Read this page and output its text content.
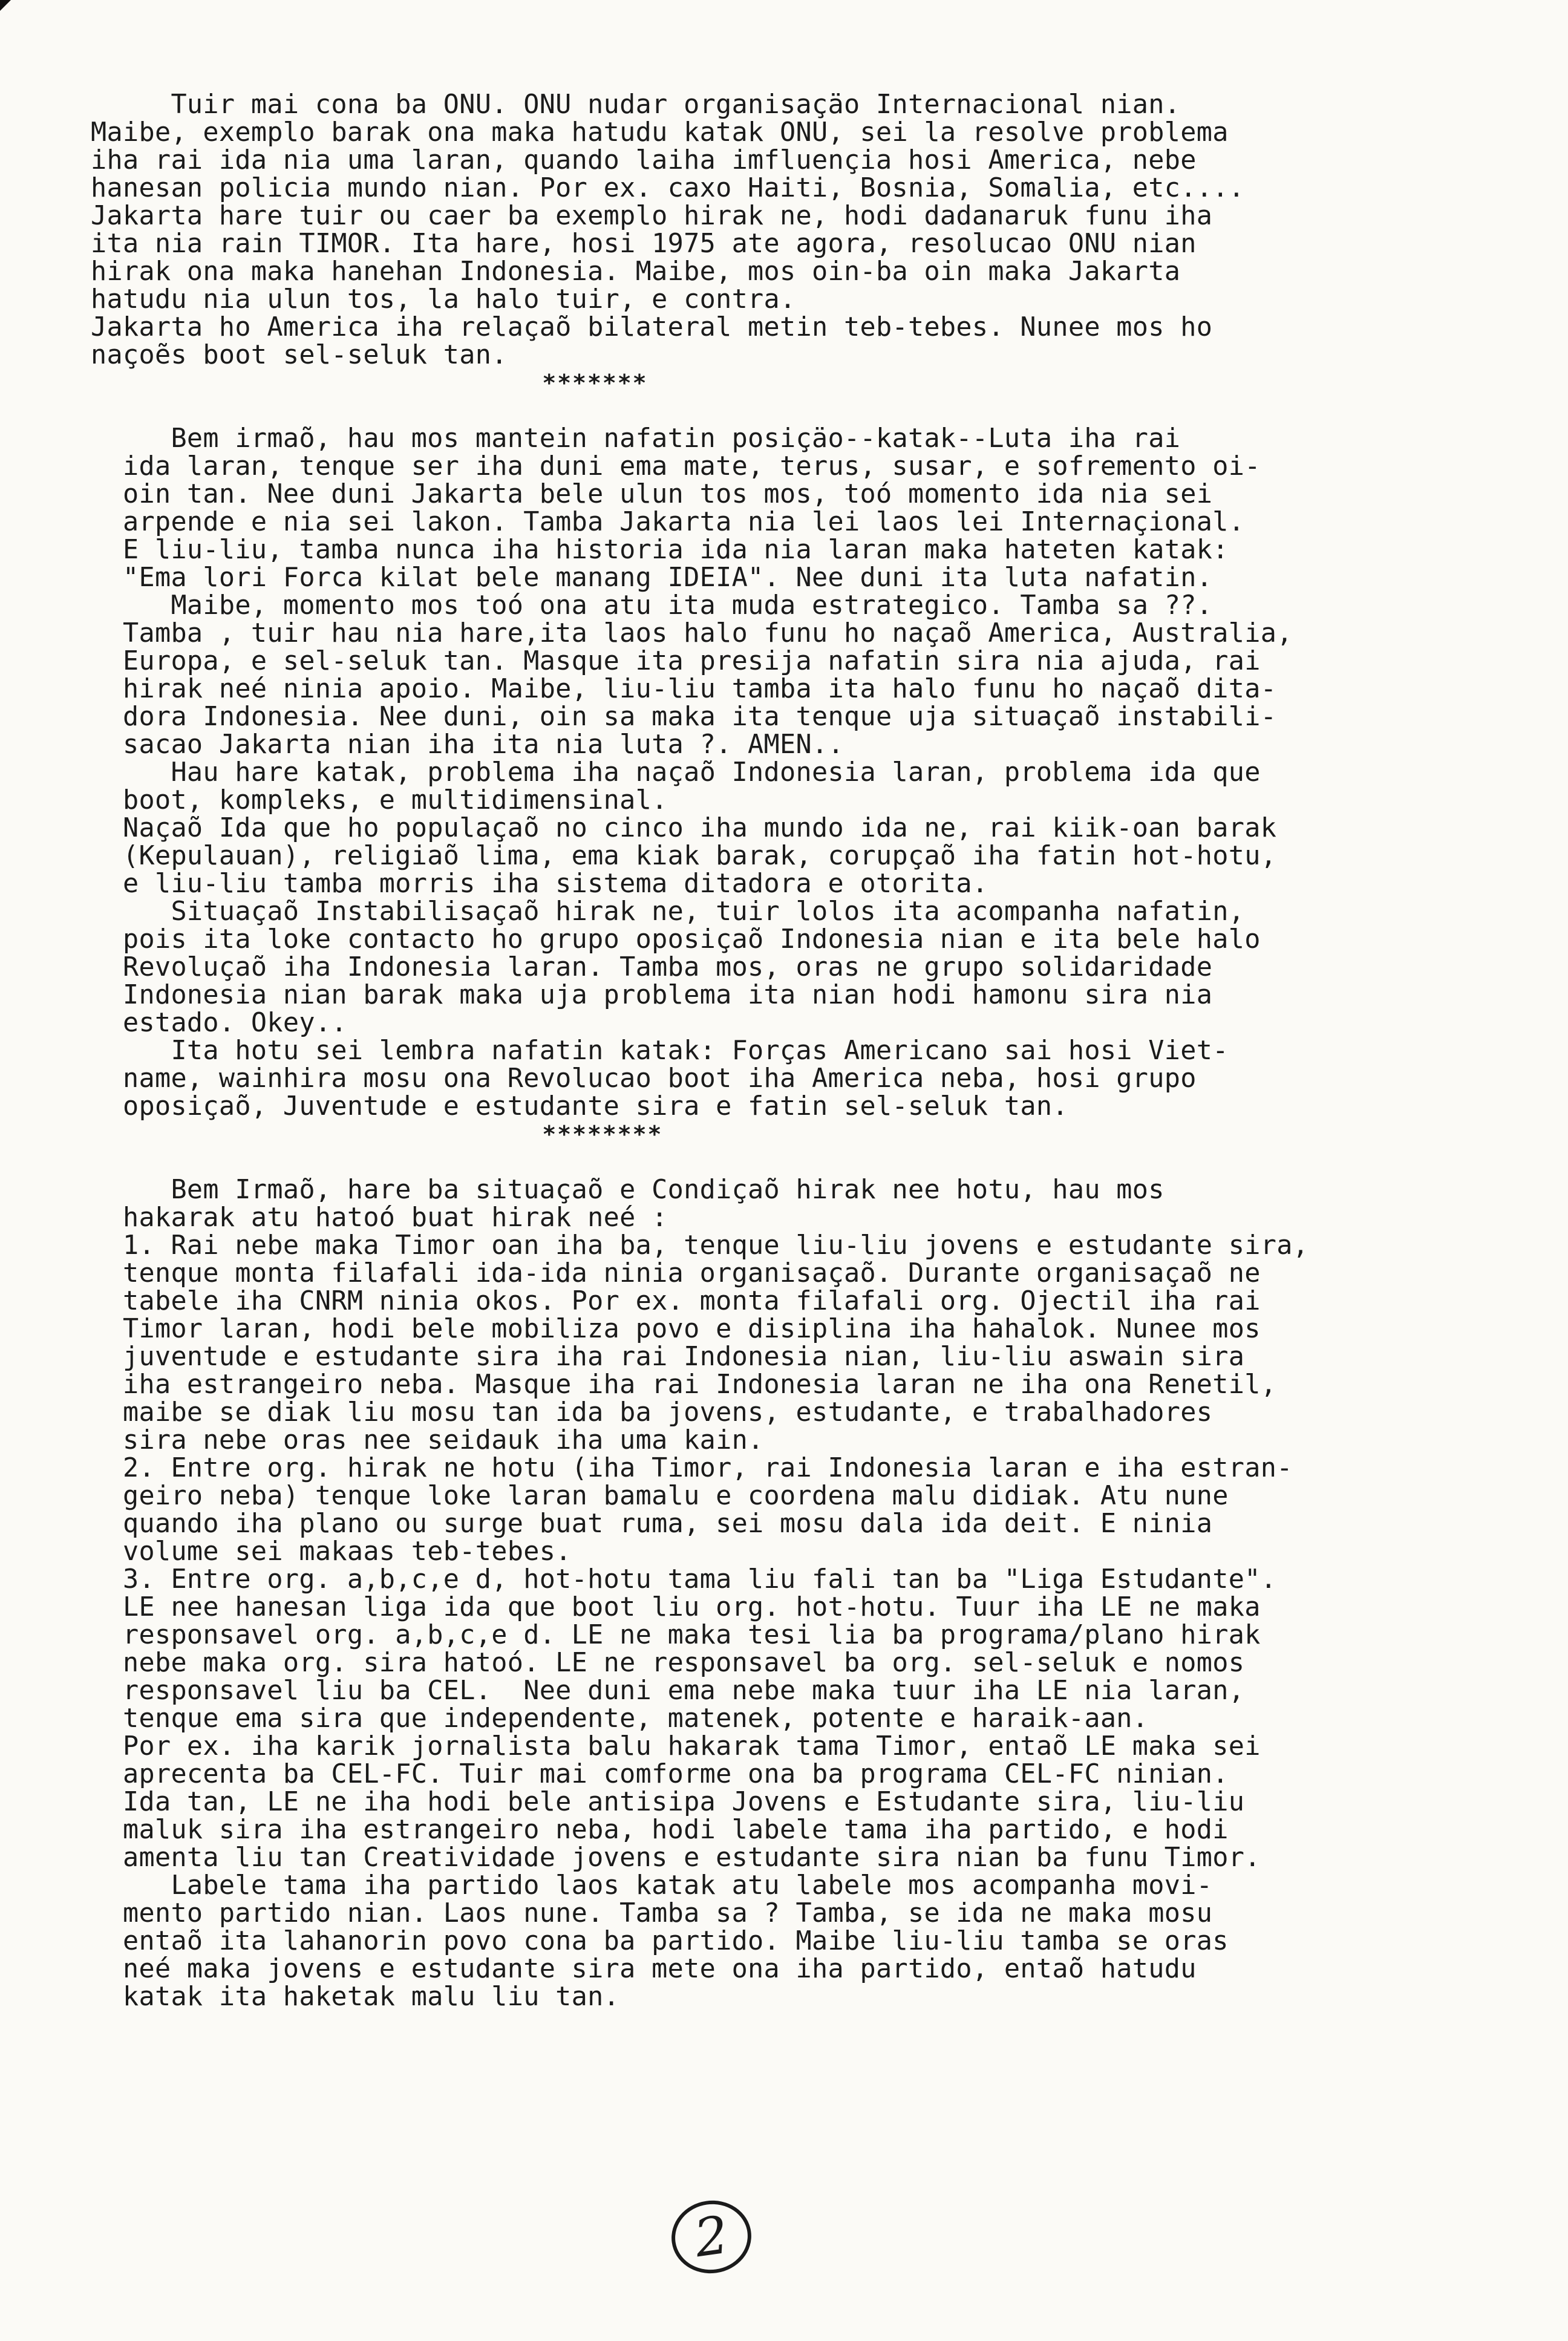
Tuir mai cona ba ONU. ONU nudar organisaçäo Internacional nian.
Maibe, exemplo barak ona maka hatudu katak ONU, sei la resolve problema
iha rai ida nia uma laran, quando laiha imfluençia hosi America, nebe
hanesan policia mundo nian. Por ex. caxo Haiti, Bosnia, Somalia, etc....
Jakarta hare tuir ou caer ba exemplo hirak ne, hodi dadanaruk funu iha
ita nia rain TIMOR. Ita hare, hosi 1975 ate agora, resolucao ONU nian
hirak ona maka hanehan Indonesia. Maibe, mos oin-ba oin maka Jakarta
hatudu nia ulun tos, la halo tuir, e contra.
Jakarta ho America iha relaçaõ bilateral metin teb-tebes. Nunee mos ho
naçoẽs boot sel-seluk tan.
*******
Bem irmaõ, hau mos mantein nafatin posiçäo--katak--Luta iha rai
ida laran, tenque ser iha duni ema mate, terus, susar, e sofremento oi-
oin tan. Nee duni Jakarta bele ulun tos mos, toó momento ida nia sei
arpende e nia sei lakon. Tamba Jakarta nia lei laos lei Internaçional.
E liu-liu, tamba nunca iha historia ida nia laran maka hateten katak:
"Ema lori Forca kilat bele manang IDEIA". Nee duni ita luta nafatin.
Maibe, momento mos toó ona atu ita muda estrategico. Tamba sa ??.
Tamba , tuir hau nia hare,ita laos halo funu ho naçaõ America, Australia,
Europa, e sel-seluk tan. Masque ita presija nafatin sira nia ajuda, rai
hirak neé ninia apoio. Maibe, liu-liu tamba ita halo funu ho naçaõ dita-
dora Indonesia. Nee duni, oin sa maka ita tenque uja situaçaõ instabili-
sacao Jakarta nian iha ita nia luta ?. AMEN..
Hau hare katak, problema iha naçaõ Indonesia laran, problema ida que
boot, kompleks, e multidimensinal.
Naçaõ Ida que ho populaçaõ no cinco iha mundo ida ne, rai kiik-oan barak
(Kepulauan), religiaõ lima, ema kiak barak, corupçaõ iha fatin hot-hotu,
e liu-liu tamba morris iha sistema ditadora e otorita.
Situaçaõ Instabilisaçaõ hirak ne, tuir lolos ita acompanha nafatin,
pois ita loke contacto ho grupo oposiçaõ Indonesia nian e ita bele halo
Revoluçaõ iha Indonesia laran. Tamba mos, oras ne grupo solidaridade
Indonesia nian barak maka uja problema ita nian hodi hamonu sira nia
estado. Okey..
Ita hotu sei lembra nafatin katak: Forças Americano sai hosi Viet-
name, wainhira mosu ona Revolucao boot iha America neba, hosi grupo
oposiçaõ, Juventude e estudante sira e fatin sel-seluk tan.
********
Bem Irmaõ, hare ba situaçaõ e Condiçaõ hirak nee hotu, hau mos
hakarak atu hatoó buat hirak neé :
1. Rai nebe maka Timor oan iha ba, tenque liu-liu jovens e estudante sira,
tenque monta filafali ida-ida ninia organisaçaõ. Durante organisaçaõ ne
tabele iha CNRM ninia okos. Por ex. monta filafali org. Ojectil iha rai
Timor laran, hodi bele mobiliza povo e disiplina iha hahalok. Nunee mos
juventude e estudante sira iha rai Indonesia nian, liu-liu aswain sira
iha estrangeiro neba. Masque iha rai Indonesia laran ne iha ona Renetil,
maibe se diak liu mosu tan ida ba jovens, estudante, e trabalhadores
sira nebe oras nee seidauk iha uma kain.
2. Entre org. hirak ne hotu (iha Timor, rai Indonesia laran e iha estran-
geiro neba) tenque loke laran bamalu e coordena malu didiak. Atu nune
quando iha plano ou surge buat ruma, sei mosu dala ida deit. E ninia
volume sei makaas teb-tebes.
3. Entre org. a,b,c,e d, hot-hotu tama liu fali tan ba "Liga Estudante".
LE nee hanesan liga ida que boot liu org. hot-hotu. Tuur iha LE ne maka
responsavel org. a,b,c,e d. LE ne maka tesi lia ba programa/plano hirak
nebe maka org. sira hatoó. LE ne responsavel ba org. sel-seluk e nomos
responsavel liu ba CEL.  Nee duni ema nebe maka tuur iha LE nia laran,
tenque ema sira que independente, matenek, potente e haraik-aan.
Por ex. iha karik jornalista balu hakarak tama Timor, entaõ LE maka sei
aprecenta ba CEL-FC. Tuir mai comforme ona ba programa CEL-FC ninian.
Ida tan, LE ne iha hodi bele antisipa Jovens e Estudante sira, liu-liu
maluk sira iha estrangeiro neba, hodi labele tama iha partido, e hodi
amenta liu tan Creatividade jovens e estudante sira nian ba funu Timor.
Labele tama iha partido laos katak atu labele mos acompanha movi-
mento partido nian. Laos nune. Tamba sa ? Tamba, se ida ne maka mosu
entaõ ita lahanorin povo cona ba partido. Maibe liu-liu tamba se oras
neé maka jovens e estudante sira mete ona iha partido, entaõ hatudu
katak ita haketak malu liu tan.
2
